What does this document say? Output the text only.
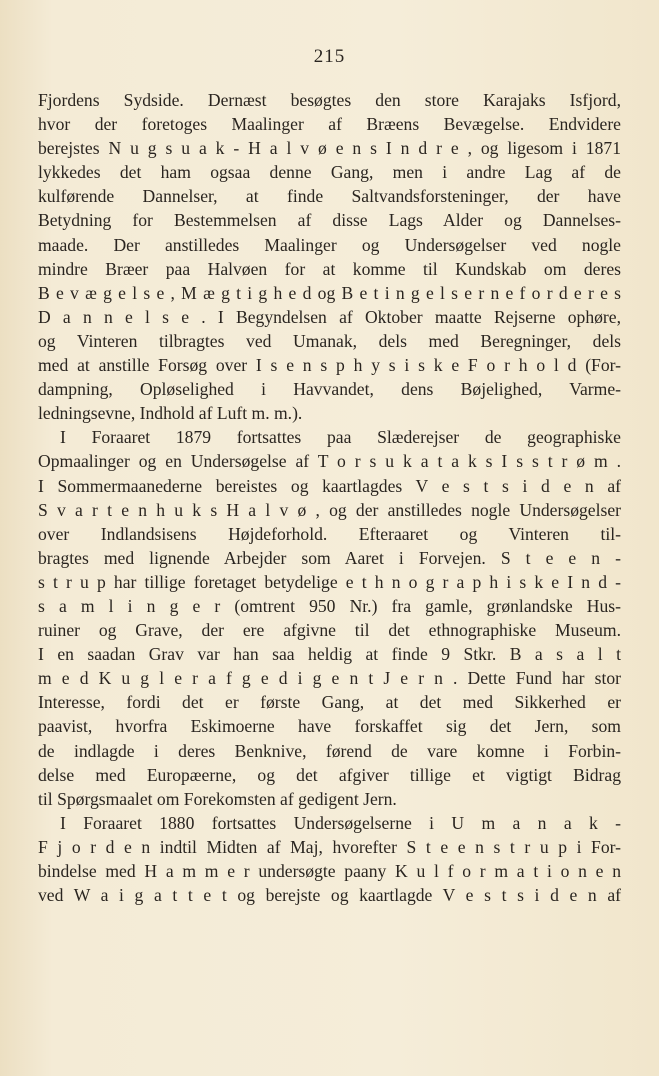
215
Fjordens Sydside. Dernæst besøgtes den store Karajaks Isfjord,
hvor der foretoges Maalinger af Bræens Bevægelse. Endvidere
berejstes N u g s u a k - H a l v ø e n s I n d r e , og ligesom i 1871
lykkedes det ham ogsaa denne Gang, men i andre Lag af de
kulførende Dannelser, at finde Saltvandsforsteninger, der have
Betydning for Bestemmelsen af disse Lags Alder og Dannelses-
maade. Der anstilledes Maalinger og Undersøgelser ved nogle
mindre Bræer paa Halvøen for at komme til Kundskab om deres
B e v æ g e l s e , M æ g t i g h e d og B e t i n g e l s e r n e f o r d e r e s
D a n n e l s e . I Begyndelsen af Oktober maatte Rejserne ophøre,
og Vinteren tilbragtes ved Umanak, dels med Beregninger, dels
med at anstille Forsøg over I s e n s p h y s i s k e F o r h o l d (For-
dampning, Opløselighed i Havvandet, dens Bøjelighed, Varme-
ledningsevne, Indhold af Luft m. m.).
I Foraaret 1879 fortsattes paa Slæderejser de geographiske
Opmaalinger og en Undersøgelse af T o r s u k a t a k s I s s t r ø m .
I Sommermaanederne bereistes og kaartlagdes V e s t s i d e n af
S v a r t e n h u k s H a l v ø , og der anstilledes nogle Undersøgelser
over Indlandsisens Højdeforhold. Efteraaret og Vinteren til-
bragtes med lignende Arbejder som Aaret i Forvejen. S t e e n -
s t r u p har tillige foretaget betydelige e t h n o g r a p h i s k e I n d -
s a m l i n g e r (omtrent 950 Nr.) fra gamle, grønlandske Hus-
ruiner og Grave, der ere afgivne til det ethnographiske Museum.
I en saadan Grav var han saa heldig at finde 9 Stkr. B a s a l t
m e d K u g l e r a f g e d i g e n t J e r n . Dette Fund har stor
Interesse, fordi det er første Gang, at det med Sikkerhed er
paavist, hvorfra Eskimoerne have forskaffet sig det Jern, som
de indlagde i deres Benknive, førend de vare komne i Forbin-
delse med Europæerne, og det afgiver tillige et vigtigt Bidrag
til Spørgsmaalet om Forekomsten af gedigent Jern.
I Foraaret 1880 fortsattes Undersøgelserne i U m a n a k -
F j o r d e n indtil Midten af Maj, hvorefter S t e e n s t r u p i For-
bindelse med H a m m e r undersøgte paany K u l f o r m a t i o n e n
ved W a i g a t t e t og berejste og kaartlagde V e s t s i d e n af
